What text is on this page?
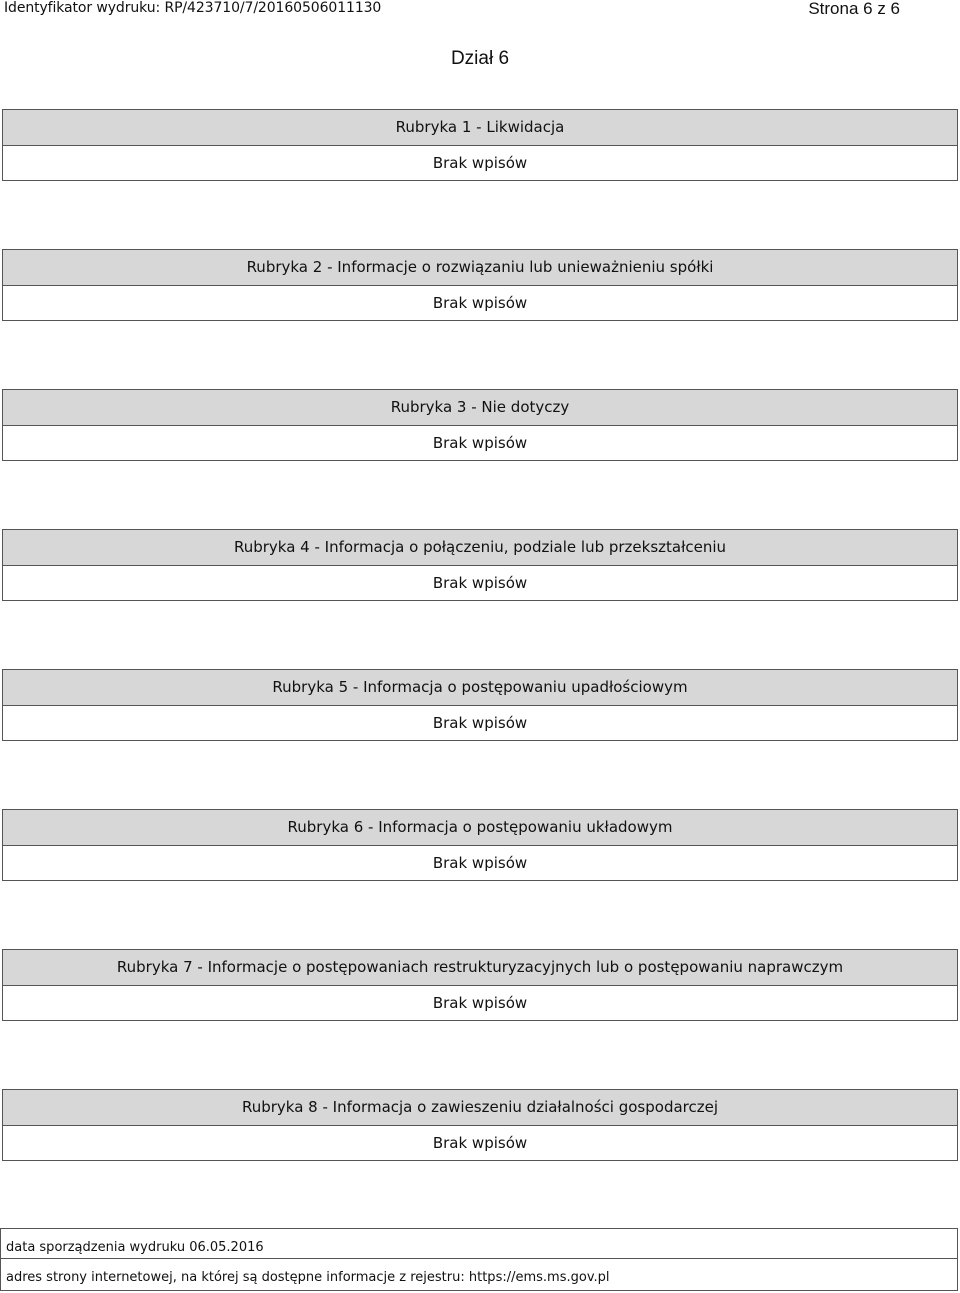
Identyfikator wydruku: RP/423710/7/20160506011130	Strona 6 z 6
Dział 6
Rubryka 1 - Likwidacja
Brak wpisów
Rubryka 2 - Informacje o rozwiązaniu lub unieważnieniu spółki
Brak wpisów
Rubryka 3 - Nie dotyczy
Brak wpisów
Rubryka 4 - Informacja o połączeniu, podziale lub przekształceniu
Brak wpisów
Rubryka 5 - Informacja o postępowaniu upadłościowym
Brak wpisów
Rubryka 6 - Informacja o postępowaniu układowym
Brak wpisów
Rubryka 7 - Informacje o postępowaniach restrukturyzacyjnych lub o postępowaniu naprawczym
Brak wpisów
Rubryka 8 - Informacja o zawieszeniu działalności gospodarczej
Brak wpisów
data sporządzenia wydruku 06.05.2016
adres strony internetowej, na której są dostępne informacje z rejestru: https://ems.ms.gov.pl
